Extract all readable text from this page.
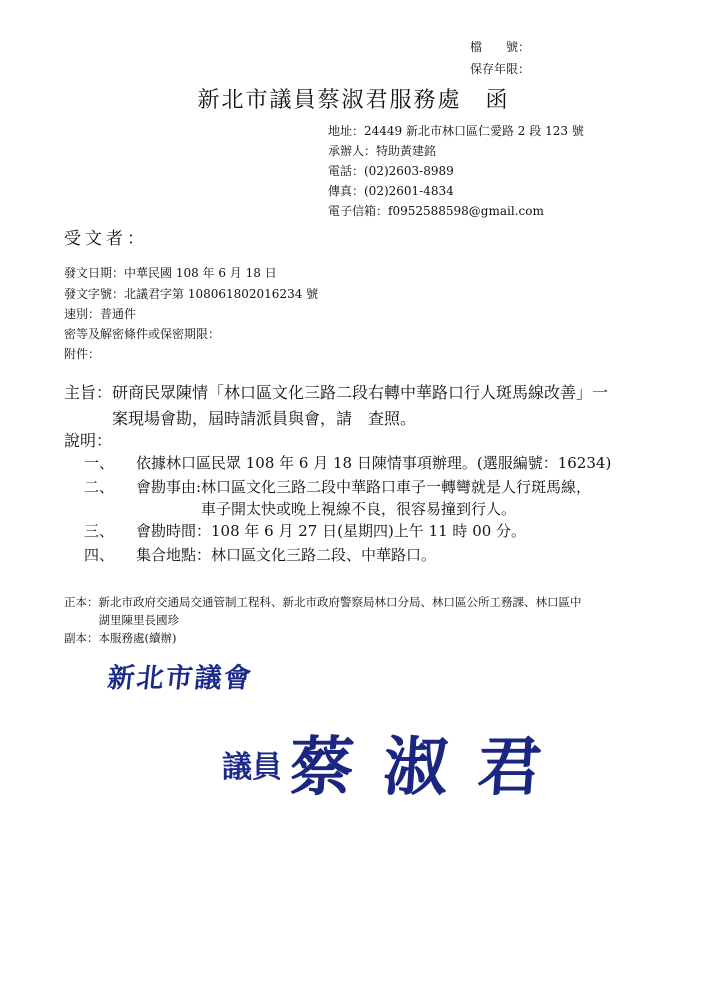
檔　　號：
保存年限：
新北市議員蔡淑君服務處　函
地址：24449 新北市林口區仁愛路 2 段 123 號
承辦人：特助黃建銘
電話：(02)2603-8989
傳真：(02)2601-4834
電子信箱：f0952588598@gmail.com
受文者：
發文日期：中華民國 108 年 6 月 18 日
發文字號：北議君字第 108061802016234 號
速別：普通件
密等及解密條件或保密期限：
附件：
主旨：研商民眾陳情「林口區文化三路二段右轉中華路口行人斑馬線改善」一
案現場會勘，屆時請派員與會，請　查照。
說明：
一、 依據林口區民眾 108 年 6 月 18 日陳情事項辦理。(選服編號：16234)
二、 會勘事由:林口區文化三路二段中華路口車子一轉彎就是人行斑馬線，
車子開太快或晚上視線不良，很容易撞到行人。
三、 會勘時間：108 年 6 月 27 日(星期四)上午 11 時 00 分。
四、 集合地點：林口區文化三路二段、中華路口。
正本：新北市政府交通局交通管制工程科、新北市政府警察局林口分局、林口區公所工務課、林口區中
　　　湖里陳里長國珍
副本：本服務處(續辦)
新北市議會
議員 蔡淑君
